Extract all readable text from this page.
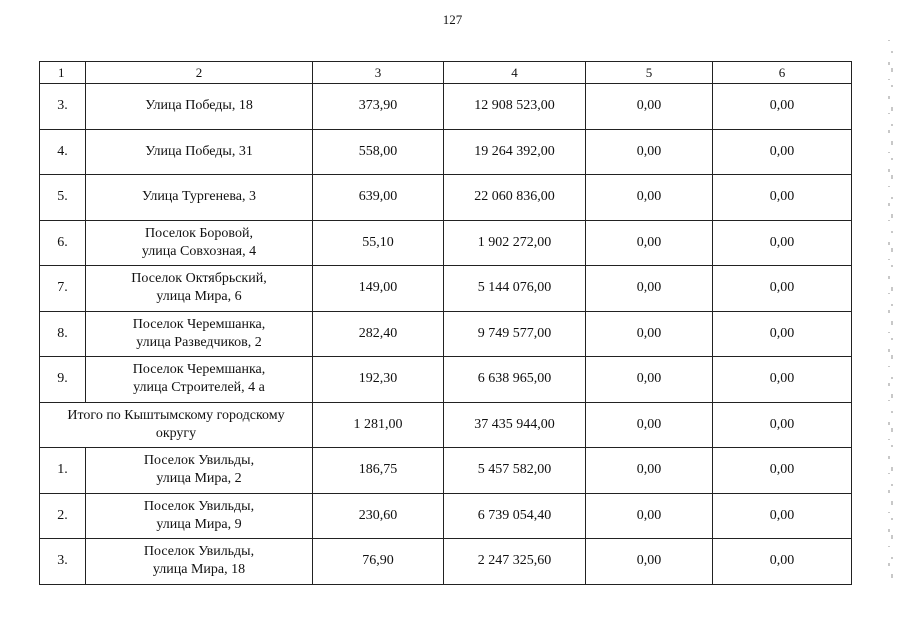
127
1	2	3	4	5	6
3.	Улица Победы, 18	373,90	12 908 523,00	0,00	0,00
4.	Улица Победы, 31	558,00	19 264 392,00	0,00	0,00
5.	Улица Тургенева, 3	639,00	22 060 836,00	0,00	0,00
6.	Поселок Боровой,
улица Совхозная, 4	55,10	1 902 272,00	0,00	0,00
7.	Поселок Октябрьский,
улица Мира, 6	149,00	5 144 076,00	0,00	0,00
8.	Поселок Черемшанка,
улица Разведчиков, 2	282,40	9 749 577,00	0,00	0,00
9.	Поселок Черемшанка,
улица Строителей, 4 а	192,30	6 638 965,00	0,00	0,00

Итого по Кыштымскому городскому
округу		1 281,00	37 435 944,00	0,00	0,00
1.	Поселок Увильды,
улица Мира, 2	186,75	5 457 582,00	0,00	0,00
2.	Поселок Увильды,
улица Мира, 9	230,60	6 739 054,40	0,00	0,00
3.	Поселок Увильды,
улица Мира, 18	76,90	2 247 325,60	0,00	0,00
